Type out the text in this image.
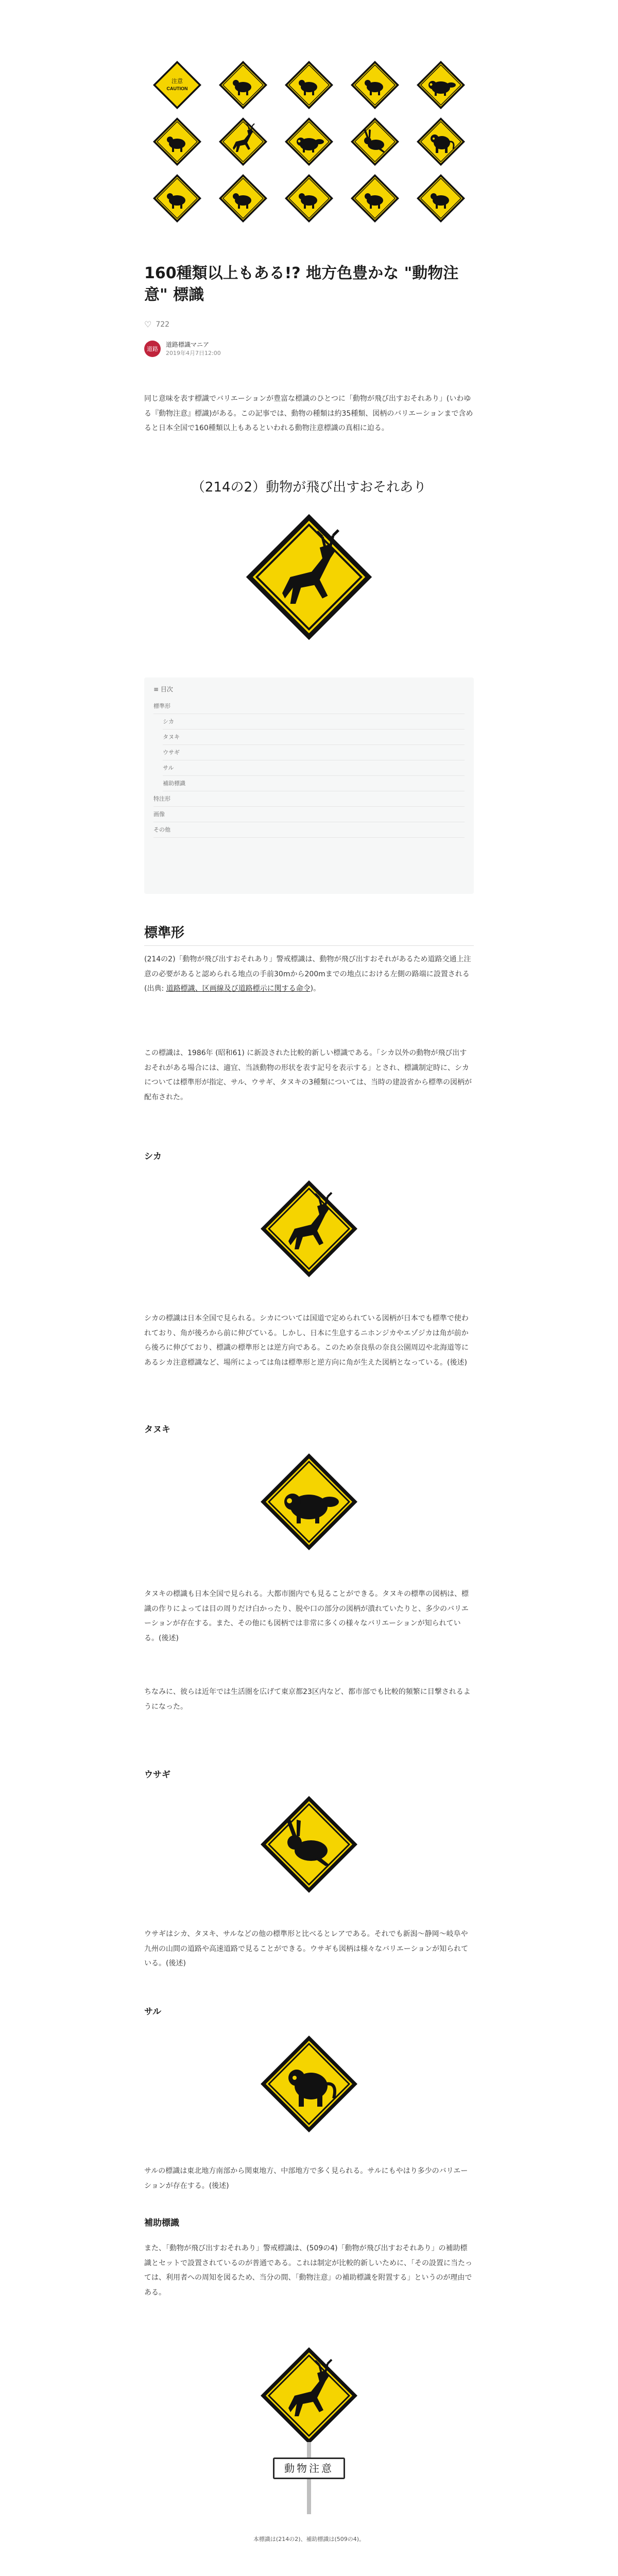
注意
CAUTION
160種類以上もある!? 地方色豊かな "動物注意" 標識
♡ 722
道路
道路標識マニア
2019年4月7日12:00

同じ意味を表す標識でバリエーションが豊富な標識のひとつに「動物が飛び出すおそれあり」(いわゆる『動物注意』標識)がある。この記事では、動物の種類は約35種類、図柄のバリエーションまで含めると日本全国で160種類以上もあるといわれる動物注意標識の真相に迫る。

（214の2）動物が飛び出すおそれあり
≡ 目次
標準形
シカ
タヌキ
ウサギ
サル
補助標識
特注形
画像
その他
標準形

(214の2)「動物が飛び出すおそれあり」警戒標識は、動物が飛び出すおそれがあるため道路交通上注意の必要があると認められる地点の手前30mから200mまでの地点における左側の路端に設置される (出典: 道路標識、区画線及び道路標示に関する命令)。

この標識は、1986年 (昭和61) に新設された比較的新しい標識である。「シカ以外の動物が飛び出すおそれがある場合には、適宜、当該動物の形状を表す記号を表示する」とされ、標識制定時に、シカについては標準形が指定、サル、ウサギ、タヌキの3種類については、当時の建設省から標準の図柄が配布された。

シカ

シカの標識は日本全国で見られる。シカについては国道で定められている図柄が日本でも標準で使われており、角が後ろから前に伸びている。しかし、日本に生息するニホンジカやエゾジカは角が前から後ろに伸びており、標識の標準形とは逆方向である。このため奈良県の奈良公園周辺や北海道等にあるシカ注意標識など、場所によっては角は標準形と逆方向に角が生えた図柄となっている。(後述)

タヌキ

タヌキの標識も日本全国で見られる。大都市圏内でも見ることができる。タヌキの標準の図柄は、標識の作りによっては目の周りだけ白かったり、脱や口の部分の図柄が潰れていたりと、多少のバリエーションが存在する。また、その他にも図柄では非常に多くの様々なバリエーションが知られている。(後述)

ちなみに、彼らは近年では生活圏を広げて東京都23区内など、都市部でも比較的頻繁に目撃されるようになった。

ウサギ

ウサギはシカ、タヌキ、サルなどの他の標準形と比べるとレアである。それでも新潟〜静岡〜岐阜や九州の山間の道路や高速道路で見ることができる。ウサギも図柄は様々なバリエーションが知られている。(後述)

サル

サルの標識は東北地方南部から関東地方、中部地方で多く見られる。サルにもやはり多少のバリエーションが存在する。(後述)

補助標識

また、「動物が飛び出すおそれあり」警戒標識は、(509の4)「動物が飛び出すおそれあり」の補助標識とセットで設置されているのが普通である。これは制定が比較的新しいために、「その設置に当たっては、利用者への周知を図るため、当分の間、「動物注意」の補助標識を附置する」というのが理由である。

動物注意
本標識は(214の2)、補助標識は(509の4)。
